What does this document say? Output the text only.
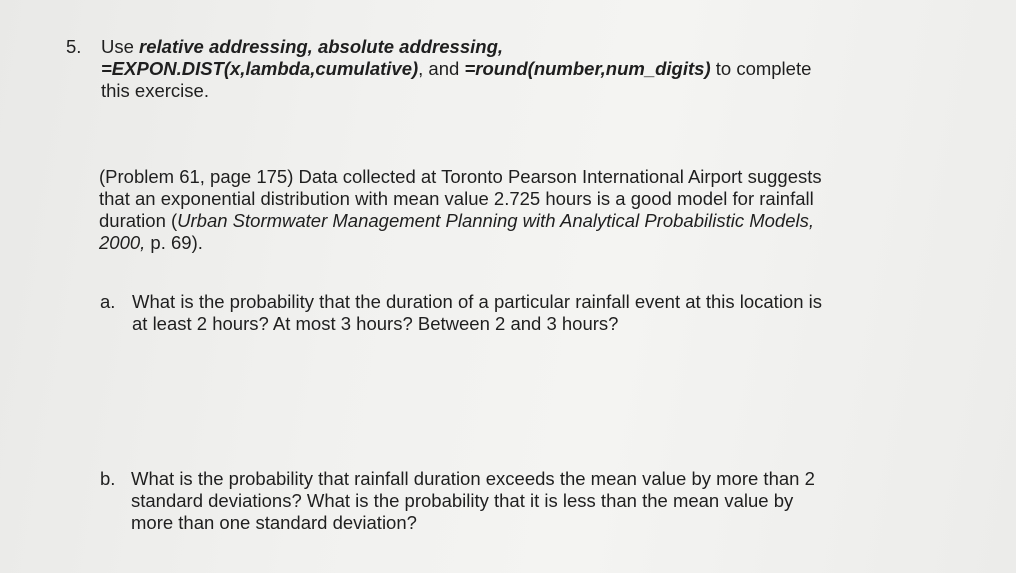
5. Use relative addressing, absolute addressing,
=EXPON.DIST(x,lambda,cumulative), and =round(number,num_digits) to complete
this exercise.
(Problem 61, page 175) Data collected at Toronto Pearson International Airport suggests
that an exponential distribution with mean value 2.725 hours is a good model for rainfall
duration (Urban Stormwater Management Planning with Analytical Probabilistic Models,
2000, p. 69).
a. What is the probability that the duration of a particular rainfall event at this location is
at least 2 hours? At most 3 hours? Between 2 and 3 hours?
b. What is the probability that rainfall duration exceeds the mean value by more than 2
standard deviations? What is the probability that it is less than the mean value by
more than one standard deviation?
